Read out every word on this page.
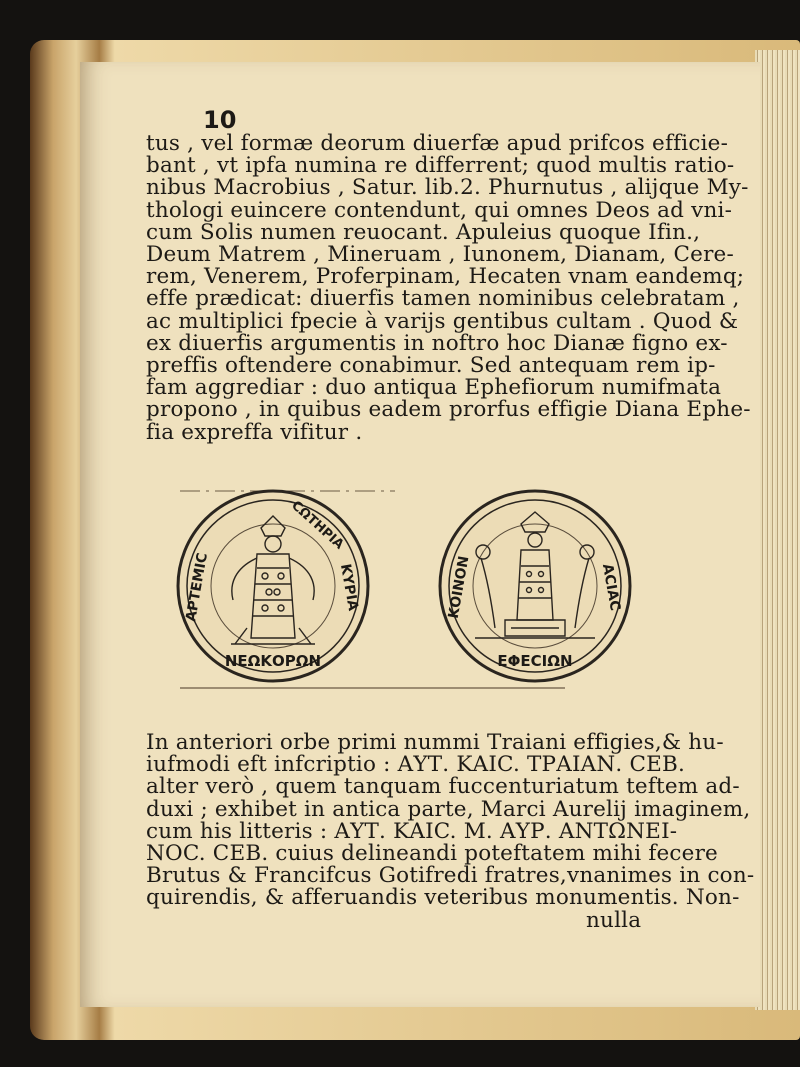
10
tus , vel formæ deorum diuerfæ apud prifcos efficie-
bant , vt ipfa numina re differrent; quod multis ratio-
nibus Macrobius , Satur. lib.2. Phurnutus , alijque My-
thologi euincere contendunt, qui omnes Deos ad vni-
cum Solis numen reuocant. Apuleius quoque Ifin.,
Deum Matrem , Mineruam , Iunonem, Dianam, Cere-
rem, Venerem, Proferpinam, Hecaten vnam eandemq;
effe prædicat: diuerfis tamen nominibus celebratam ,
ac multiplici fpecie à varijs gentibus cultam . Quod &
ex diuerfis argumentis in noftro hoc Dianæ figno ex-
preffis oftendere conabimur. Sed antequam rem ip-
fam aggrediar : duo antiqua Ephefiorum numifmata
propono , in quibus eadem prorfus effigie Diana Ephe-
fia expreffa vifitur .
ΝΕΩΚΟΡΩΝ
ΑΡΤΕΜΙC	ΚΥΡΙΑ
CΩΤΗΡΙΑ
ΕΦΕCΙΩΝ
ΚΟΙΝΟΝ	ΑCΙΑC
In anteriori orbe primi nummi Traiani effigies,& hu-
iufmodi eft infcriptio : ΑΥΤ. ΚΑΙC. ΤΡΑΙΑΝ. CΕΒ.
alter verò , quem tanquam fuccenturiatum teftem ad-
duxi ; exhibet in antica parte, Marci Aurelij imaginem,
cum his litteris : ΑΥΤ. ΚΑΙC. Μ. ΑΥΡ. ΑΝΤΩΝΕΙ-
ΝΟC. CΕΒ. cuius delineandi poteftatem mihi fecere
Brutus & Francifcus Gotifredi fratres,vnanimes in con-
quirendis, & afferuandis veteribus monumentis. Non-
nulla
